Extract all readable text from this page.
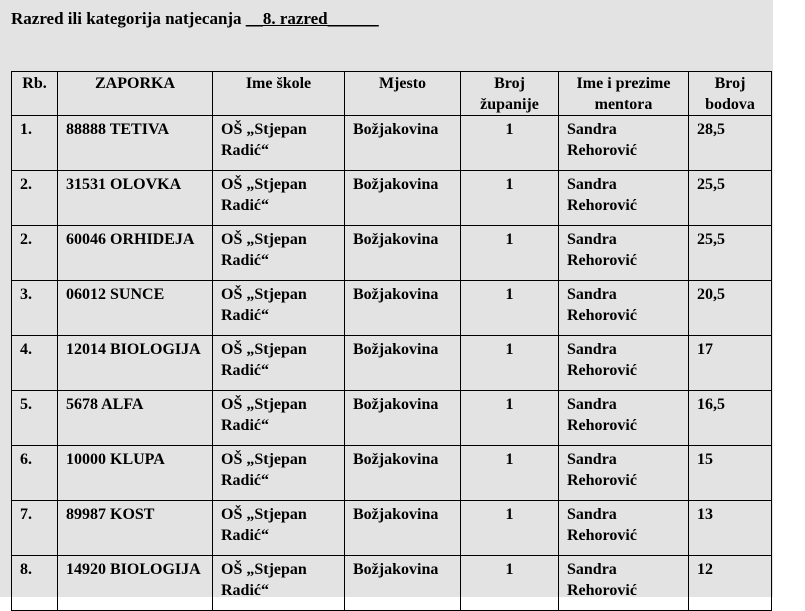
Razred ili kategorija natjecanja __8. razred______
Rb.	ZAPORKA	Ime škole	Mjesto	Broj županije	Ime i prezime mentora	Broj bodova
1.	88888 TETIVA	OŠ „Stjepan Radić“	Božjakovina	1	Sandra Rehorović	28,5
2.	31531 OLOVKA	OŠ „Stjepan Radić“	Božjakovina	1	Sandra Rehorović	25,5
2.	60046 ORHIDEJA	OŠ „Stjepan Radić“	Božjakovina	1	Sandra Rehorović	25,5
3.	06012 SUNCE	OŠ „Stjepan Radić“	Božjakovina	1	Sandra Rehorović	20,5
4.	12014 BIOLOGIJA	OŠ „Stjepan Radić“	Božjakovina	1	Sandra Rehorović	17
5.	5678 ALFA	OŠ „Stjepan Radić“	Božjakovina	1	Sandra Rehorović	16,5
6.	10000 KLUPA	OŠ „Stjepan Radić“	Božjakovina	1	Sandra Rehorović	15
7.	89987 KOST	OŠ „Stjepan Radić“	Božjakovina	1	Sandra Rehorović	13
8.	14920 BIOLOGIJA	OŠ „Stjepan Radić“	Božjakovina	1	Sandra Rehorović	12
